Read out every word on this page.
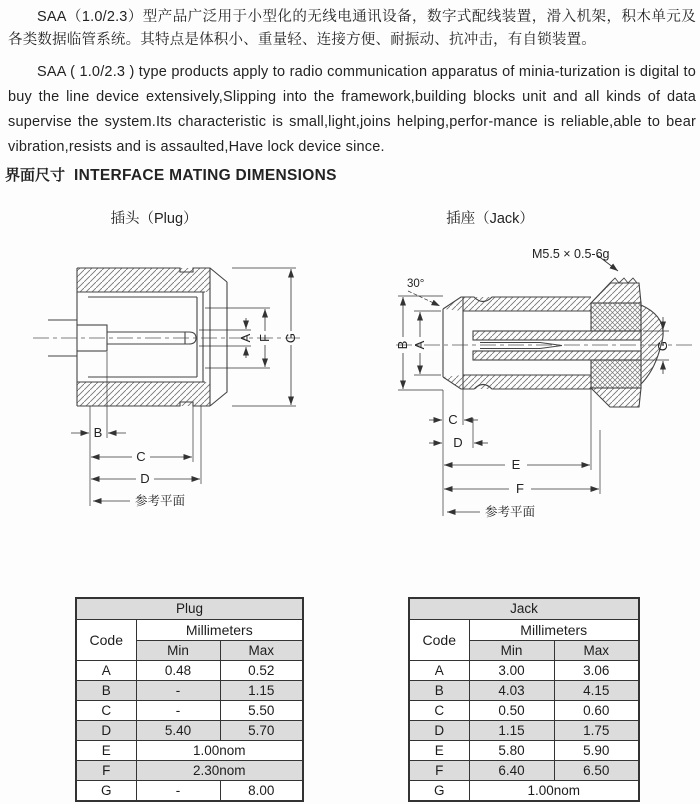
SAA（1.0/2.3）型产品广泛用于小型化的无线电通讯设备，数字式配线装置，滑入机架，积木单元及各类数据临管系统。其特点是体积小、重量轻、连接方便、耐振动、抗冲击，有自锁装置。
SAA ( 1.0/2.3 ) type products apply to radio communication apparatus of minia-turization is digital to buy the line device extensively,Slipping into the framework,building blocks unit and all kinds of data supervise the system.Its characteristic is small,light,joins helping,perfor-mance is reliable,able to bear vibration,resists and is assaulted,Have lock device since.
界面尺寸 INTERFACE MATING DIMENSIONS
插头（Plug）	插座（Jack）
A F G
B
C
D
参考平面
30°
M5.5 × 0.5-6g
B A	G
C
D
E
F
参考平面
Plug		
Code	Millimeters	
	Min	Max
A	0.48	0.52
B	-	1.15
C	-	5.50
D	5.40	5.70
E	1.00nom	
F	2.30nom	
G	-	8.00
Jack		
Code	Millimeters	
	Min	Max
A	3.00	3.06
B	4.03	4.15
C	0.50	0.60
D	1.15	1.75
E	5.80	5.90
F	6.40	6.50
G	1.00nom	
